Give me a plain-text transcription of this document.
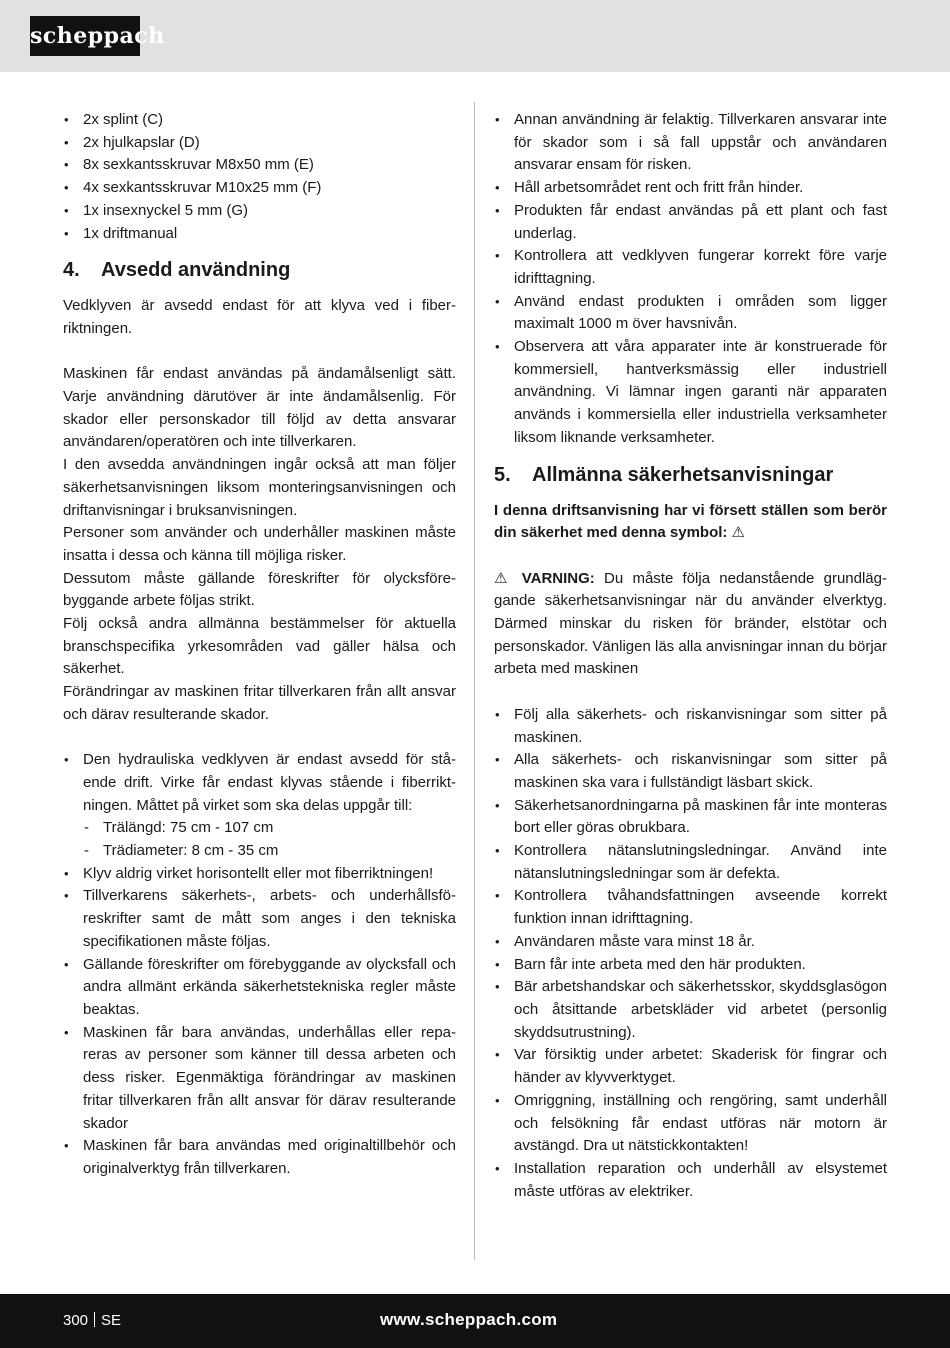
scheppach
• 2x splint (C)
• 2x hjulkapslar (D)
• 8x sexkantsskruvar M8x50 mm (E)
• 4x sexkantsskruvar M10x25 mm (F)
• 1x insexnyckel 5 mm (G)
• 1x driftmanual
4. Avsedd användning

Vedklyven är avsedd endast för att klyva ved i fiberriktningen.

Maskinen får endast användas på ändamålsenligt sätt. Varje användning därutöver är inte ändamålsenlig. För skador eller personskador till följd av detta ansvarar användaren/operatören och inte tillverkaren.

I den avsedda användningen ingår också att man följer säkerhetsanvisningen liksom monteringsanvisningen och driftanvisningar i bruksanvisningen.

Personer som använder och underhåller maskinen måste insatta i dessa och känna till möjliga risker.

Dessutom måste gällande föreskrifter för olycksförebyggande arbete följas strikt.

Följ också andra allmänna bestämmelser för aktuella branschspecifika yrkesområden vad gäller hälsa och säkerhet.

Förändringar av maskinen fritar tillverkaren från allt ansvar och därav resulterande skador.

• Den hydrauliska vedklyven är endast avsedd för stående drift. Virke får endast klyvas stående i fiberriktningen. Måttet på virket som ska delas uppgår till:
- Trälängd: 75 cm - 107 cm
- Trädiameter: 8 cm - 35 cm
• Klyv aldrig virket horisontellt eller mot fiberriktningen!
• Tillverkarens säkerhets-, arbets- och underhållsföreskrifter samt de mått som anges i den tekniska specifikationen måste följas.
• Gällande föreskrifter om förebyggande av olycksfall och andra allmänt erkända säkerhetstekniska regler måste beaktas.
• Maskinen får bara användas, underhållas eller repareras av personer som känner till dessa arbeten och dess risker. Egenmäktiga förändringar av maskinen fritar tillverkaren från allt ansvar för därav resulterande skador
• Maskinen får bara användas med originaltillbehör och originalverktyg från tillverkaren.
• Annan användning är felaktig. Tillverkaren ansvarar inte för skador som i så fall uppstår och användaren ansvarar ensam för risken.
• Håll arbetsområdet rent och fritt från hinder.
• Produkten får endast användas på ett plant och fast underlag.
• Kontrollera att vedklyven fungerar korrekt före varje idrifttagning.
• Använd endast produkten i områden som ligger maximalt 1000 m över havsnivån.
• Observera att våra apparater inte är konstruerade för kommersiell, hantverksmässig eller industriell användning. Vi lämnar ingen garanti när apparaten används i kommersiella eller industriella verksamheter liksom liknande verksamheter.
5. Allmänna säkerhetsanvisningar

I denna driftsanvisning har vi försett ställen som berör din säkerhet med denna symbol: ⚠

⚠ VARNING: Du måste följa nedanstående grundläggande säkerhetsanvisningar när du använder elverktyg. Därmed minskar du risken för bränder, elstötar och personskador. Vänligen läs alla anvisningar innan du börjar arbeta med maskinen

• Följ alla säkerhets- och riskanvisningar som sitter på maskinen.
• Alla säkerhets- och riskanvisningar som sitter på maskinen ska vara i fullständigt läsbart skick.
• Säkerhetsanordningarna på maskinen får inte monteras bort eller göras obrukbara.
• Kontrollera nätanslutningsledningar. Använd inte nätanslutningsledningar som är defekta.
• Kontrollera tvåhandsfattningen avseende korrekt funktion innan idrifttagning.
• Användaren måste vara minst 18 år.
• Barn får inte arbeta med den här produkten.
• Bär arbetshandskar och säkerhetsskor, skyddsglasögon och åtsittande arbetskläder vid arbetet (personlig skyddsutrustning).
• Var försiktig under arbetet: Skaderisk för fingrar och händer av klyvverktyget.
• Omriggning, inställning och rengöring, samt underhåll och felsökning får endast utföras när motorn är avstängd. Dra ut nätstickkontakten!
• Installation reparation och underhåll av elsystemet måste utföras av elektriker.
300 SE	www.scheppach.com
